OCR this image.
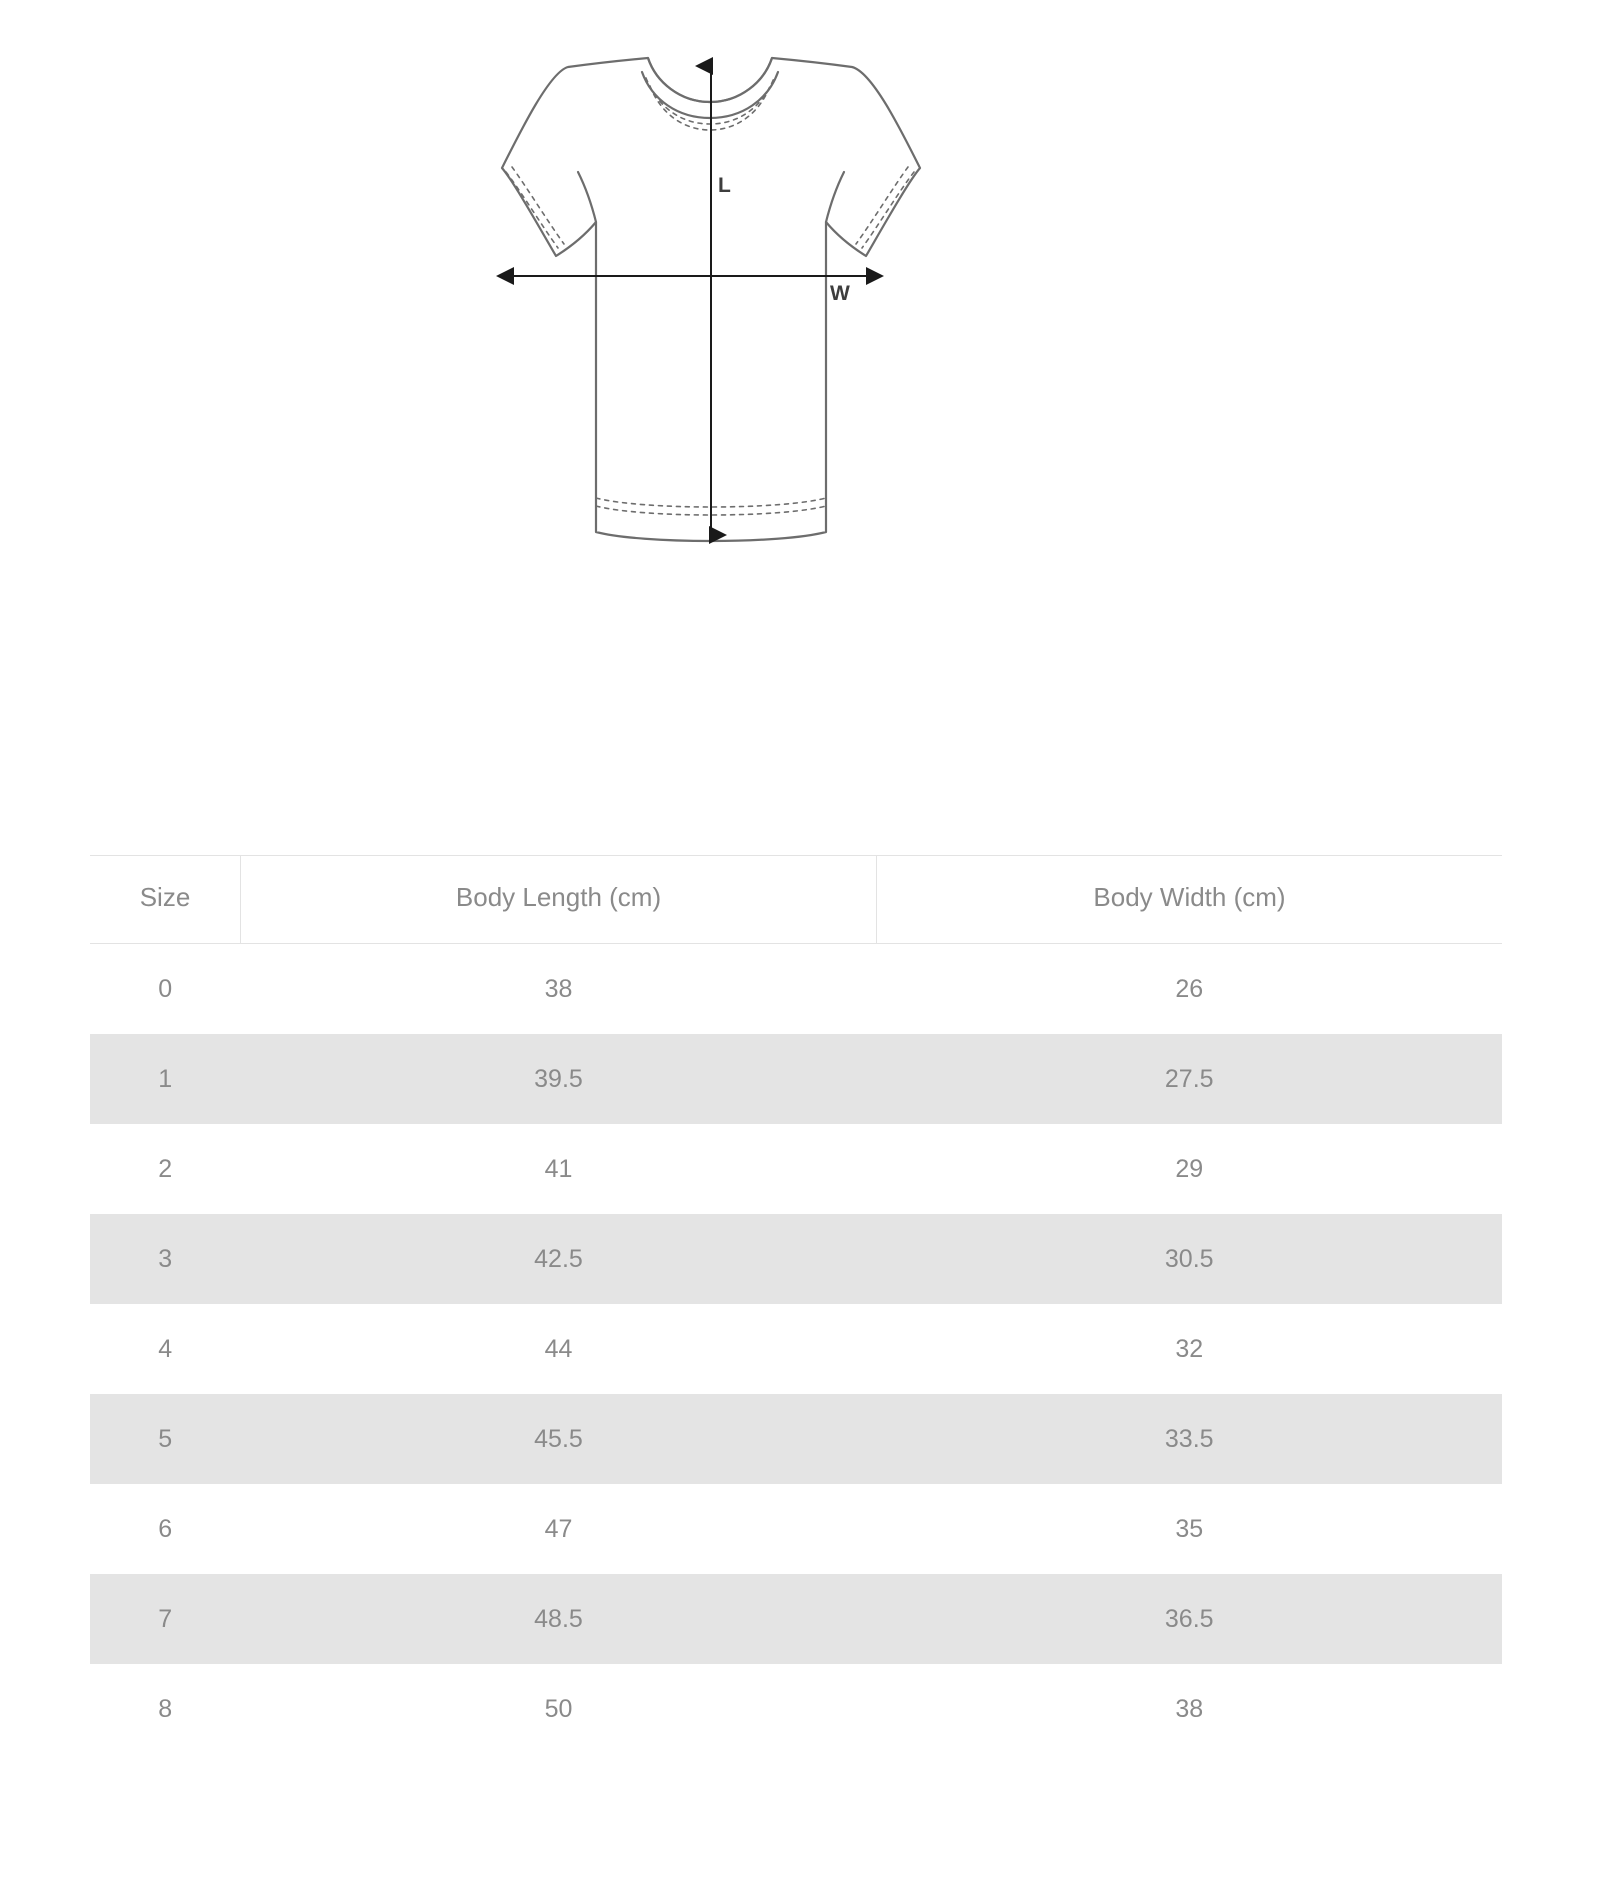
L
W
Size	Body Length (cm)	Body Width (cm)
0	38	26
1	39.5	27.5
2	41	29
3	42.5	30.5
4	44	32
5	45.5	33.5
6	47	35
7	48.5	36.5
8	50	38
